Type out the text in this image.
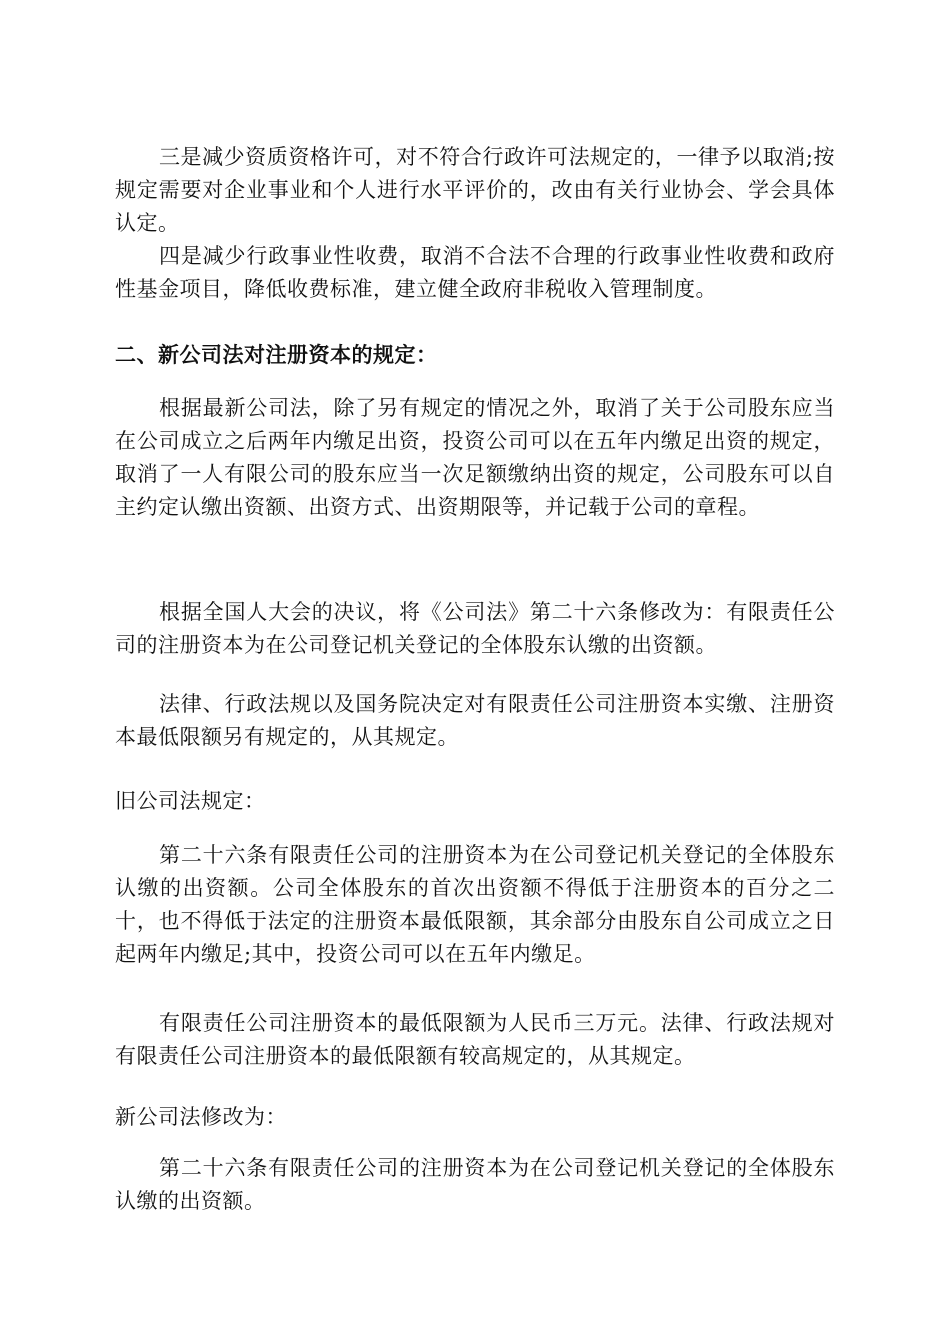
三是减少资质资格许可，对不符合行政许可法规定的，一律予以取消;按规定需要对企业事业和个人进行水平评价的，改由有关行业协会、学会具体认定。

四是减少行政事业性收费，取消不合法不合理的行政事业性收费和政府性基金项目，降低收费标准，建立健全政府非税收入管理制度。

二、新公司法对注册资本的规定：

根据最新公司法，除了另有规定的情况之外，取消了关于公司股东应当在公司成立之后两年内缴足出资，投资公司可以在五年内缴足出资的规定，取消了一人有限公司的股东应当一次足额缴纳出资的规定，公司股东可以自主约定认缴出资额、出资方式、出资期限等，并记载于公司的章程。

根据全国人大会的决议，将《公司法》第二十六条修改为：有限责任公司的注册资本为在公司登记机关登记的全体股东认缴的出资额。

法律、行政法规以及国务院决定对有限责任公司注册资本实缴、注册资本最低限额另有规定的，从其规定。

旧公司法规定：

第二十六条有限责任公司的注册资本为在公司登记机关登记的全体股东认缴的出资额。公司全体股东的首次出资额不得低于注册资本的百分之二十，也不得低于法定的注册资本最低限额，其余部分由股东自公司成立之日起两年内缴足;其中，投资公司可以在五年内缴足。

有限责任公司注册资本的最低限额为人民币三万元。法律、行政法规对有限责任公司注册资本的最低限额有较高规定的，从其规定。

新公司法修改为：

第二十六条有限责任公司的注册资本为在公司登记机关登记的全体股东认缴的出资额。
